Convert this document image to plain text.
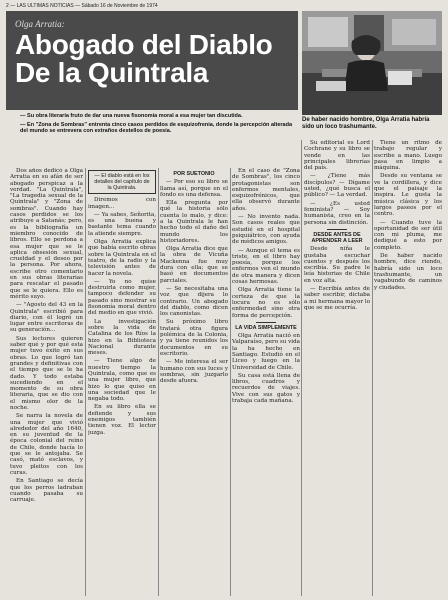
2 — LAS ULTIMAS NOTICIAS — Sábado 16 de Noviembre de 1974
Olga Arratia:
Abogado del Diablo De la Quintrala
De haber nacido hombre, Olga Arratia habría sido un loco trashumante.

— Su obra literaria fruto de dar una nueva fisonomía moral a esa mujer tan discutida.

— En "Zona de Sombras" entrenta cinco casos perdidos de esquizofrenia, donde la percepción alterada del mundo se entrevera con extraños destellos de poesía.

Dos años dedicó a Olga Arratia en su afán de ser abogado perspicaz a la verdad. "La Quintrala", "La tragedia sexual de la Quintrala" y "Zona de sombras". Cuando hay casos perdidos se los atribuye a Satanás; pero, es la bibliografía un miembro conocido de libros. Ello se perdona a esa mujer que se le aplica obsesión sexual, crueldad y el deseo por la persona. Por ahora, escribe otro comentario en sus obras literarias para rescatar el pasado que se le quiera. Ello es mérito suyo.

— "Agosto del 43 en la Quintrala" escribió para diario, con él logró un lugar entre escritoras de su generación...

Sus lectores quieren saber qué y por qué esta mujer tuvo éxito en sus obras. Lo que logró tan grandes y definitivas con el tiempo que se le ha dado. Y todo estaba sucediendo en el momento de su obra literaria, que se dio con el mismo olor de la noche.

Se narra la novela de una mujer que vivió alrededor del año 1640, en su juventud de la época colonial del reino de Chile, donde hacía lo que se le antojaba. Se casó, mató esclavos, y tuvo pleitos con los curas.

En Santiago se decía que los perros ladraban cuando pasaba su carruaje.

— El diablo está en los detalles del capítulo de la Quintrala.

Diremos con imagen...

— Ya sabes, Señorita, es una buena y bastante tema cuando la atiende siempre.

Olga Arratia explica que había escrito obras sobre la Quintrala en el teatro, de la radio y la televisión antes de hacer la novela.

— Yo no quise destruirla como mujer, tampoco defender su pasado sino mostrar su fisonomía moral dentro del medio en que vivió.

La investigación sobre la vida de Catalina de los Ríos la hizo en la Biblioteca Nacional durante meses.

— Tiene algo de nuestro tiempo la Quintrala, como que es una mujer libre, que hizo lo que quiso en una sociedad que le negaba todo.

En su libro ella se defiende y sus enemigos también tienen voz. El lector juzga.

POR SUETONIO

— Por eso su libro se llama así, porque en el fondo es una defensa.

Ella pregunta por qué la historia sólo cuenta lo malo, y dice: a la Quintrala le han hecho todo el daño del mundo los historiadores.

Olga Arratia dice que la obra de Vicuña Mackenna fue muy dura con ella; que se basó en documentos parciales.

— Se necesitaba una voz que dijera lo contrario. Un abogado del diablo, como dicen los canonistas.

Su próximo libro tratará otra figura polémica de la Colonia, y ya tiene reunidos los documentos en su escritorio.

— Me interesa el ser humano con sus luces y sombras, sin juzgarlo desde afuera.

En el caso de "Zona de Sombras", los cinco protagonistas son enfermos mentales, esquizofrénicos, que ella observó durante años.

— No invento nada. Son casos reales que estudié en el hospital psiquiátrico, con ayuda de médicos amigos.

— Aunque el tema es triste, en el libro hay poesía, porque los enfermos ven el mundo de otra manera y dicen cosas hermosas.

Olga Arratia tiene la certeza de que la locura no es sólo enfermedad sino otra forma de percepción.

LA VIDA SIMPLEMENTE

Olga Arratia nació en Valparaíso, pero su vida la ha hecho en Santiago. Estudió en el Liceo y luego en la Universidad de Chile.

Su casa está llena de libros, cuadros y recuerdos de viajes. Vive con sus gatos y trabaja cada mañana.

Su editorial es Lord Cochrane y su libro se vende en las principales librerías del país.

— ¿Tiene más discípulos? — Dígame usted, ¿qué busca el público? — La verdad.

— ¿Es usted feminista? — Soy humanista, creo en la persona sin distinción.

DESDE ANTES DE APRENDER A LEER

Desde niña le gustaba escuchar cuentos y después los escribía. Su padre le leía historias de Chile en voz alta.

— Escribía antes de saber escribir, dictaba a mi hermana mayor lo que se me ocurría.

Tiene un ritmo de trabajo regular y escribe a mano. Luego pasa en limpio a máquina.

Desde su ventana se ve la cordillera, y dice que el paisaje la inspira. Le gusta la música clásica y los largos paseos por el centro.

— Cuando tuve la oportunidad de ser útil con mi pluma, me dediqué a esto por completo.

De haber nacido hombre, dice riendo, habría sido un loco trashumante, un vagabundo de caminos y ciudades.
